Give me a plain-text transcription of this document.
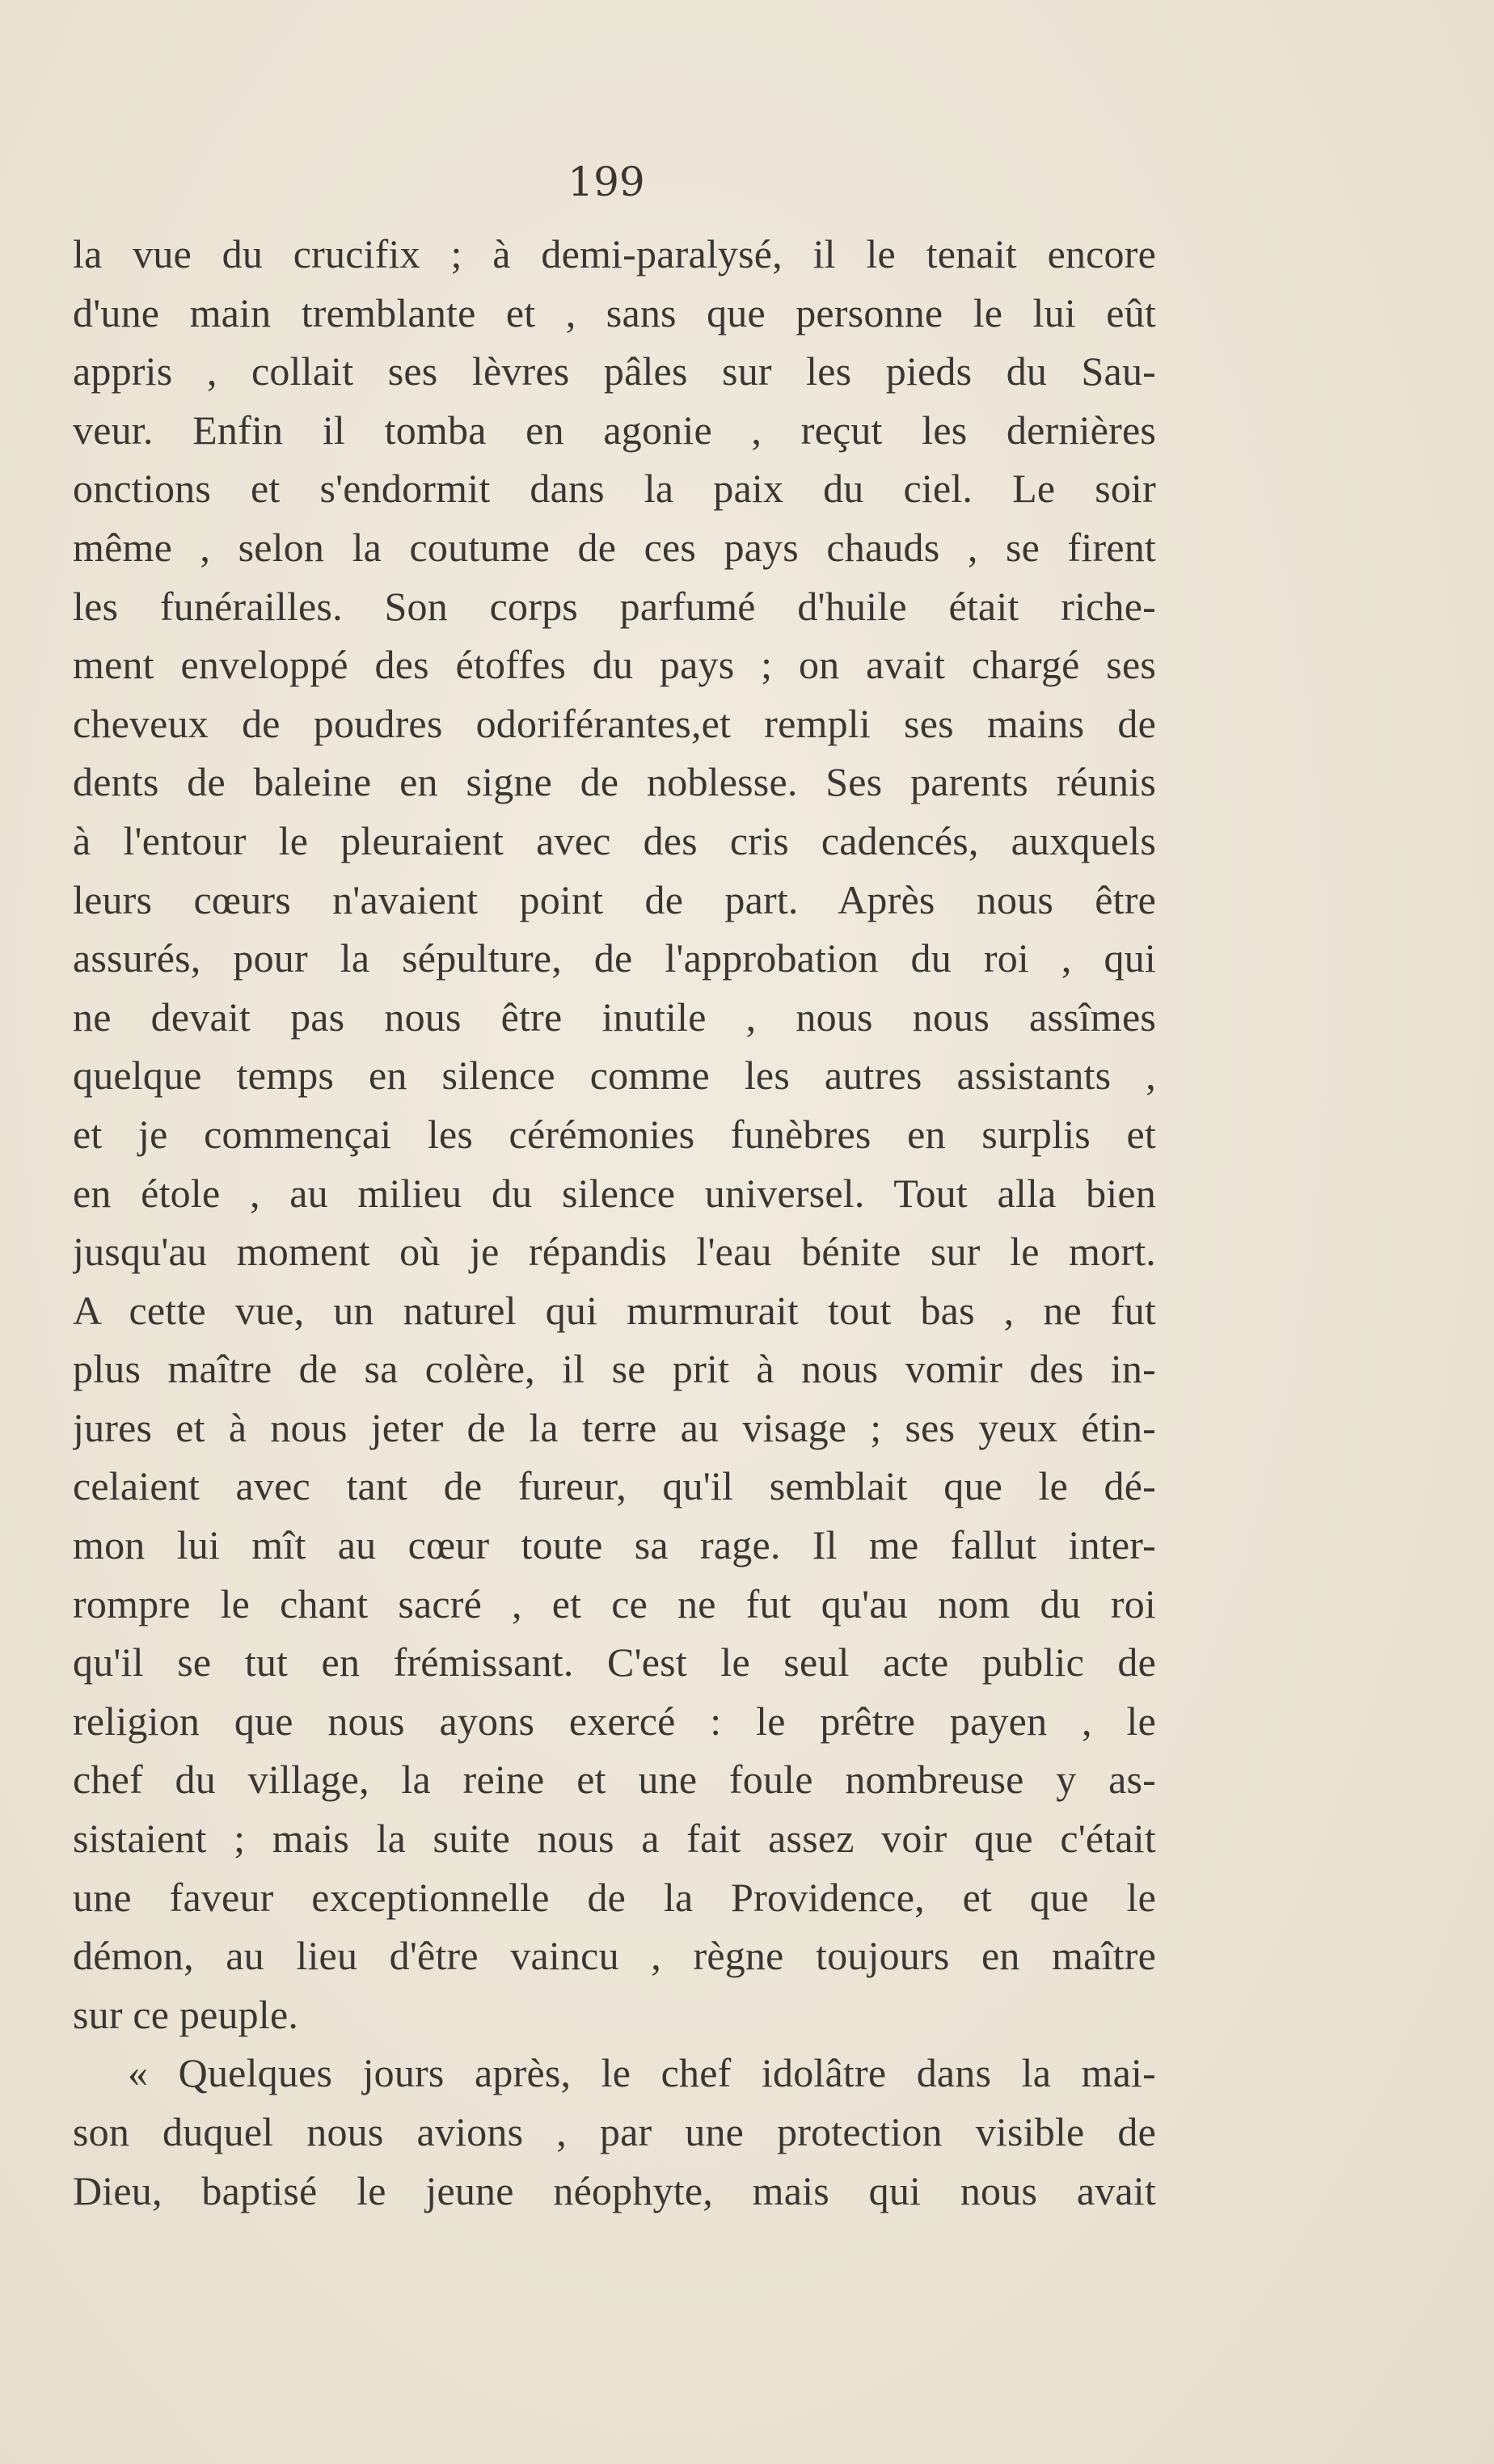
199
la vue du crucifix ; à demi-paralysé, il le tenait encore
d'une main tremblante et , sans que personne le lui eût
appris , collait ses lèvres pâles sur les pieds du Sau-
veur. Enfin il tomba en agonie , reçut les dernières
onctions et s'endormit dans la paix du ciel. Le soir
même , selon la coutume de ces pays chauds , se firent
les funérailles. Son corps parfumé d'huile était riche-
ment enveloppé des étoffes du pays ; on avait chargé ses
cheveux de poudres odoriférantes,et rempli ses mains de
dents de baleine en signe de noblesse. Ses parents réunis
à l'entour le pleuraient avec des cris cadencés, auxquels
leurs cœurs n'avaient point de part. Après nous être
assurés, pour la sépulture, de l'approbation du roi , qui
ne devait pas nous être inutile , nous nous assîmes
quelque temps en silence comme les autres assistants ,
et je commençai les cérémonies funèbres en surplis et
en étole , au milieu du silence universel. Tout alla bien
jusqu'au moment où je répandis l'eau bénite sur le mort.
A cette vue, un naturel qui murmurait tout bas , ne fut
plus maître de sa colère, il se prit à nous vomir des in-
jures et à nous jeter de la terre au visage ; ses yeux étin-
celaient avec tant de fureur, qu'il semblait que le dé-
mon lui mît au cœur toute sa rage. Il me fallut inter-
rompre le chant sacré , et ce ne fut qu'au nom du roi
qu'il se tut en frémissant. C'est le seul acte public de
religion que nous ayons exercé : le prêtre payen , le
chef du village, la reine et une foule nombreuse y as-
sistaient ; mais la suite nous a fait assez voir que c'était
une faveur exceptionnelle de la Providence, et que le
démon, au lieu d'être vaincu , règne toujours en maître
sur ce peuple.
« Quelques jours après, le chef idolâtre dans la mai-
son duquel nous avions , par une protection visible de
Dieu, baptisé le jeune néophyte, mais qui nous avait
